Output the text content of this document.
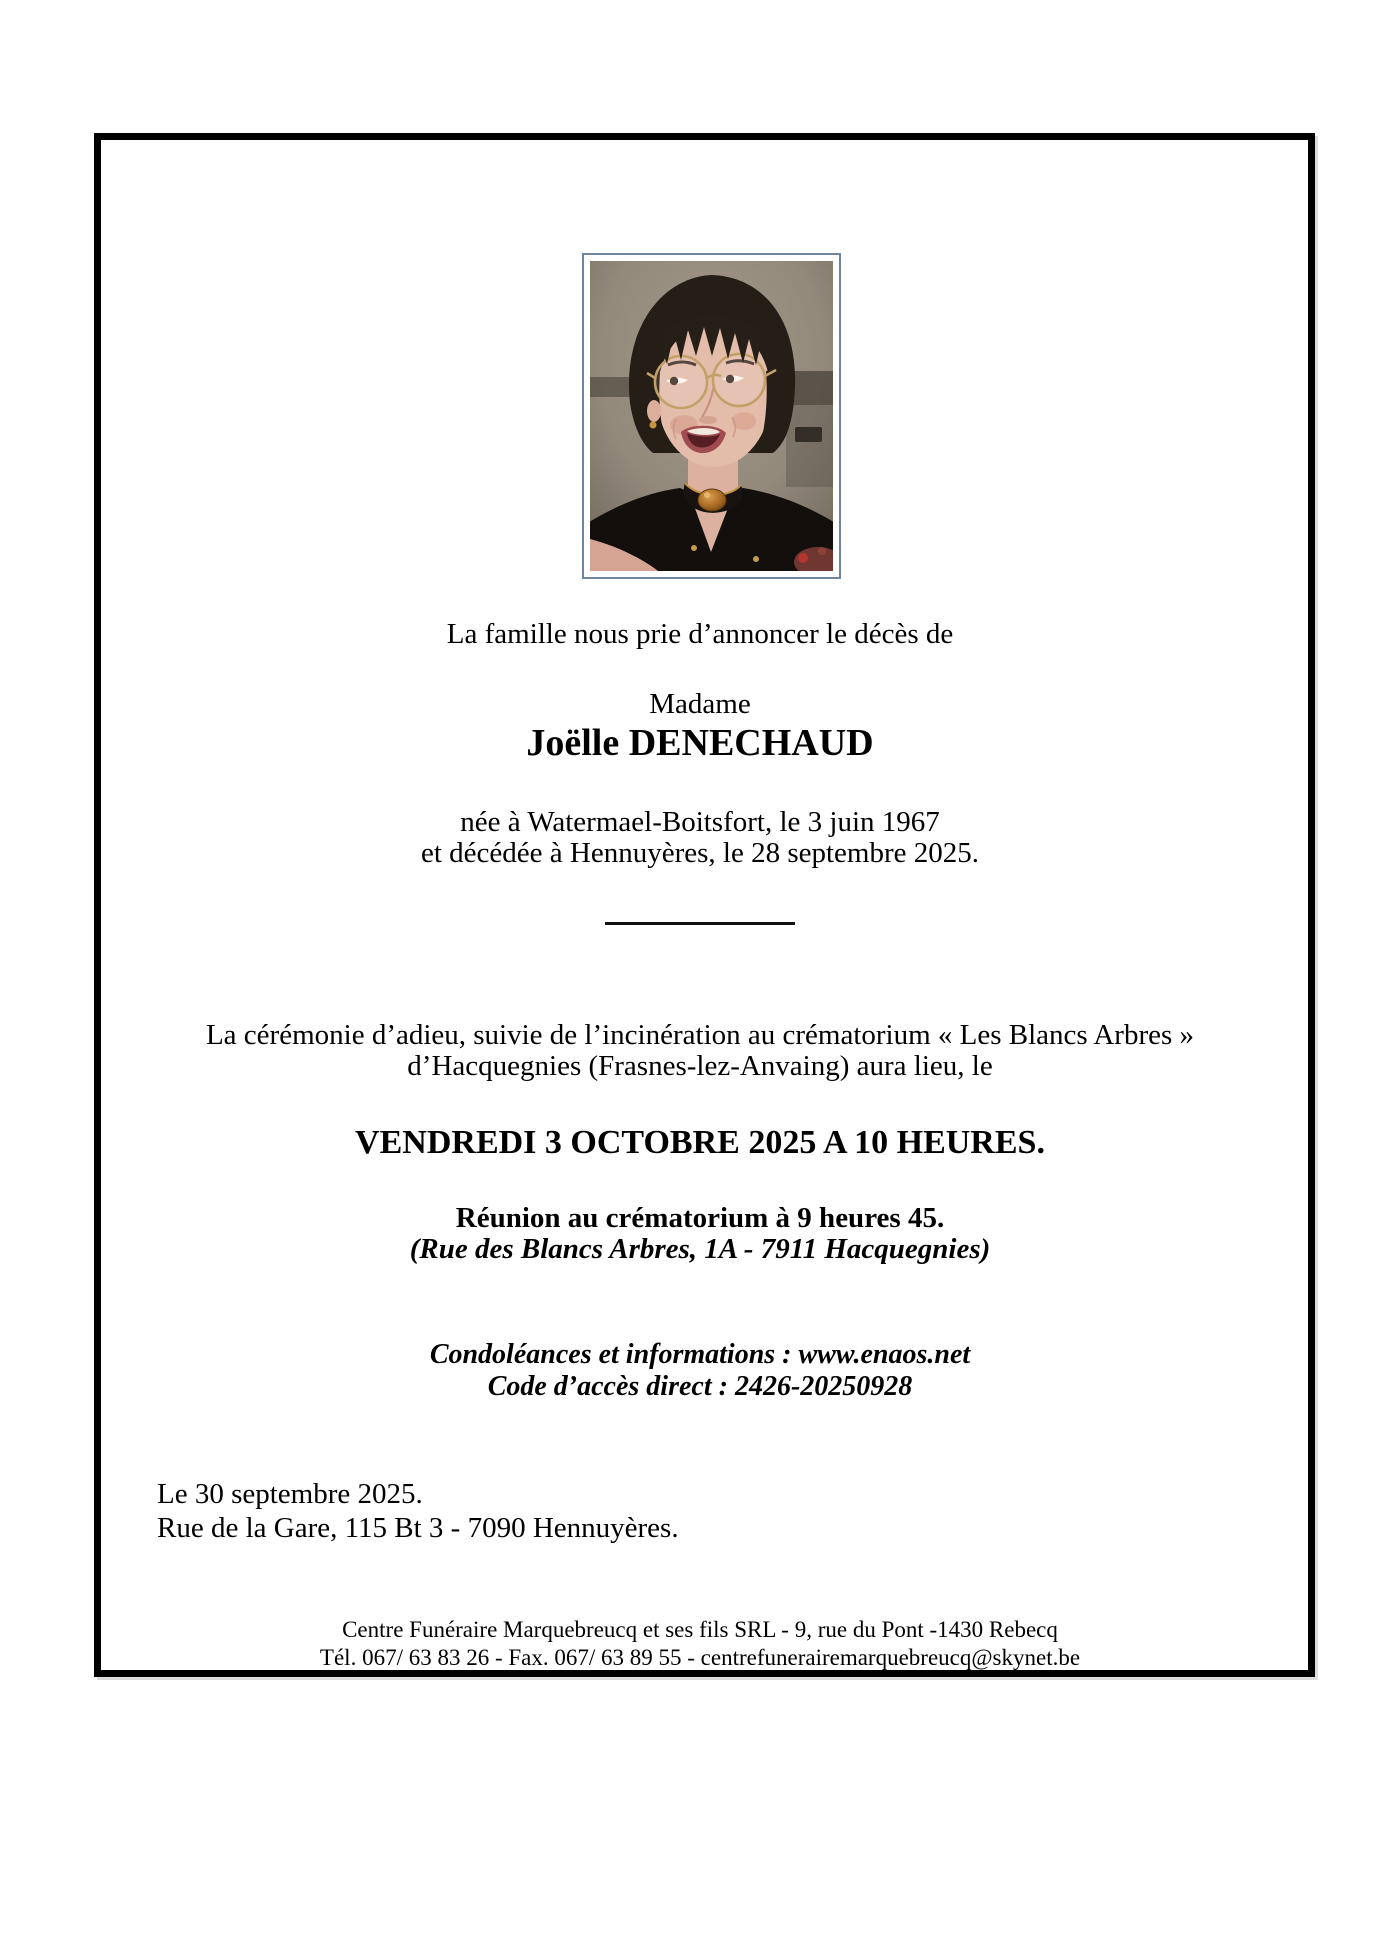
La famille nous prie d’annoncer le décès de
Madame
Joëlle DENECHAUD
née à Watermael-Boitsfort, le 3 juin 1967
et décédée à Hennuyères, le 28 septembre 2025.
La cérémonie d’adieu, suivie de l’incinération au crématorium « Les Blancs Arbres »
d’Hacquegnies (Frasnes-lez-Anvaing) aura lieu, le
VENDREDI 3 OCTOBRE 2025 A 10 HEURES.
Réunion au crématorium à 9 heures 45.
(Rue des Blancs Arbres, 1A - 7911 Hacquegnies)
Condoléances et informations : www.enaos.net
Code d’accès direct : 2426-20250928
Le 30 septembre 2025.
Rue de la Gare, 115 Bt 3 - 7090 Hennuyères.
Centre Funéraire Marquebreucq et ses fils SRL - 9, rue du Pont -1430 Rebecq
Tél. 067/ 63 83 26 - Fax. 067/ 63 89 55 - centrefunerairemarquebreucq@skynet.be
